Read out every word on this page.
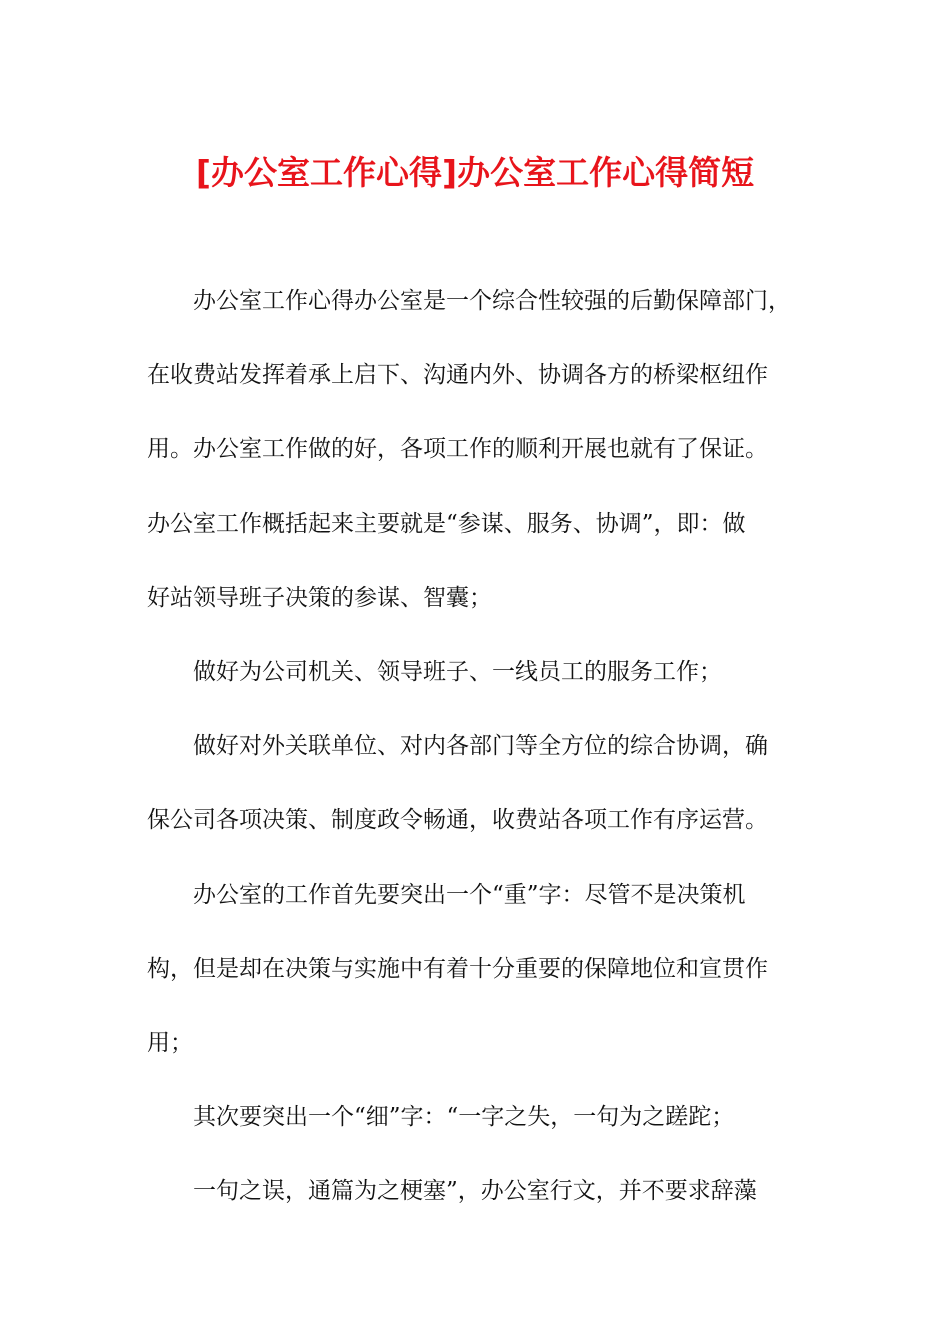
[办公室工作心得]办公室工作心得简短
办公室工作心得办公室是一个综合性较强的后勤保障部门，
在收费站发挥着承上启下、沟通内外、协调各方的桥梁枢纽作
用。办公室工作做的好，各项工作的顺利开展也就有了保证。
办公室工作概括起来主要就是“参谋、服务、协调”，即：做
好站领导班子决策的参谋、智囊；
做好为公司机关、领导班子、一线员工的服务工作；
做好对外关联单位、对内各部门等全方位的综合协调，确
保公司各项决策、制度政令畅通，收费站各项工作有序运营。
办公室的工作首先要突出一个“重”字：尽管不是决策机
构，但是却在决策与实施中有着十分重要的保障地位和宣贯作
用；
其次要突出一个“细”字：“一字之失，一句为之蹉跎；
一句之误，通篇为之梗塞”，办公室行文，并不要求辞藻
